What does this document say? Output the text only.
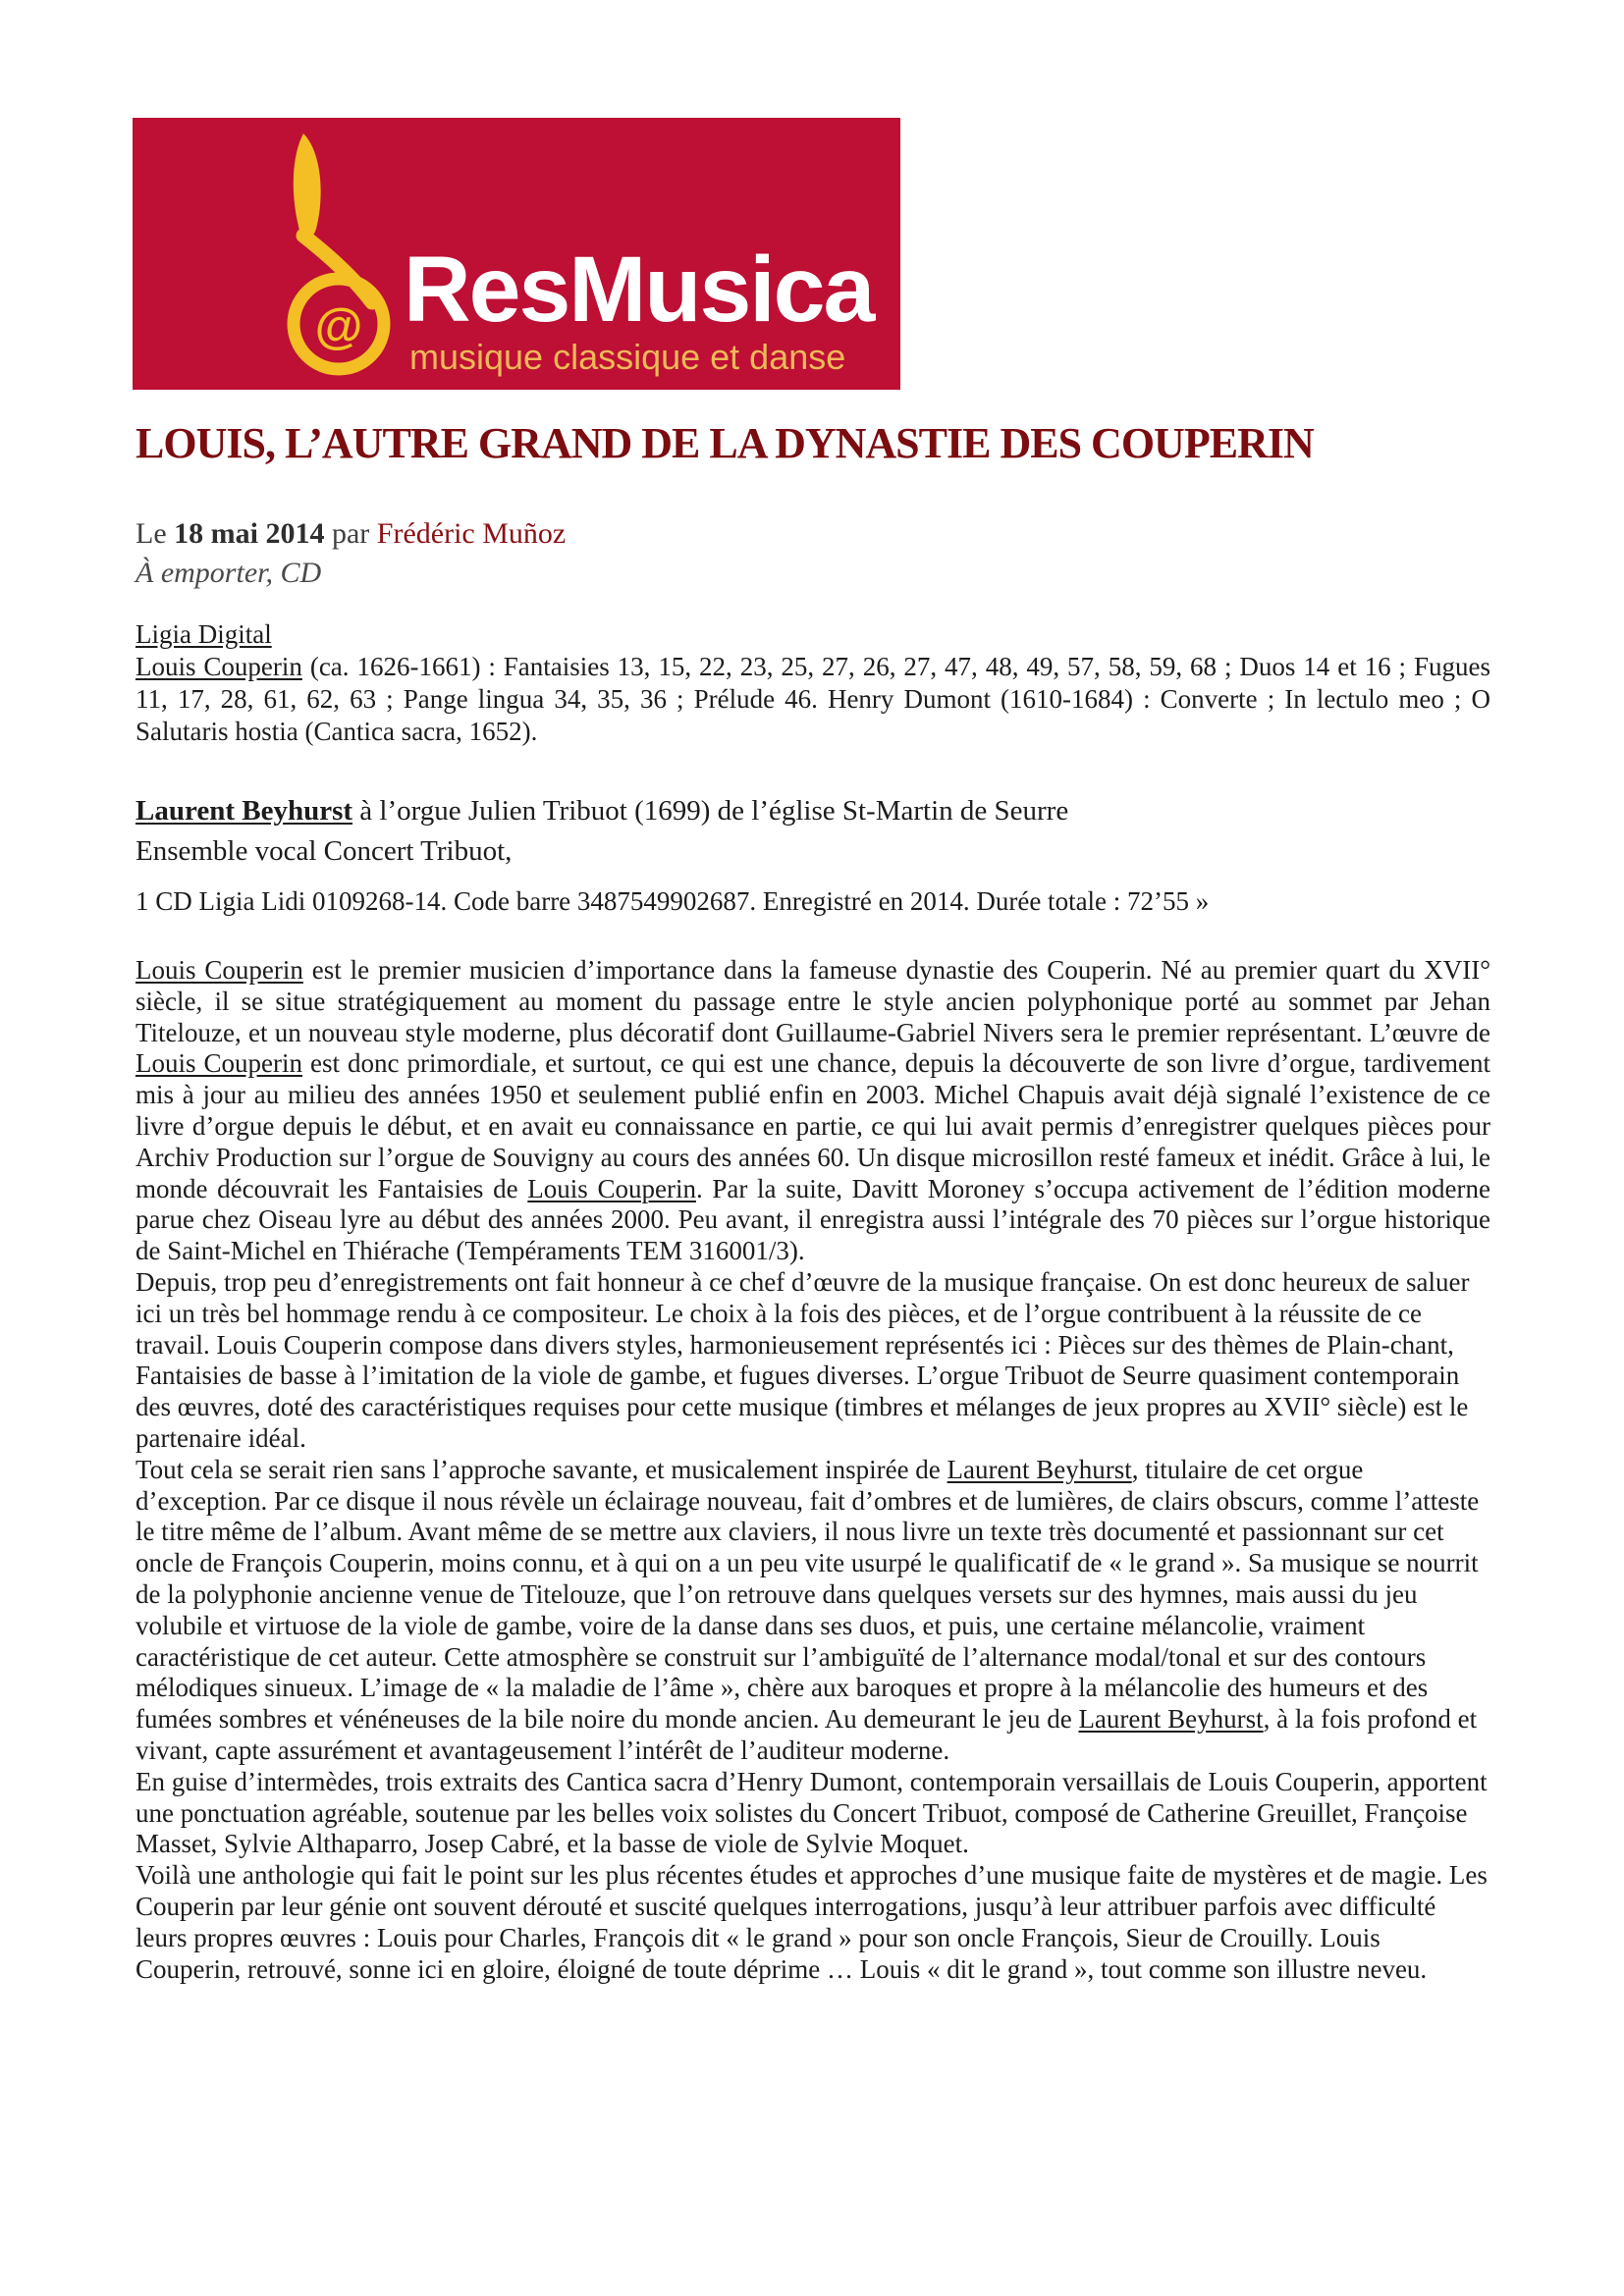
@ ResMusica
musique classique et danse
LOUIS, L’AUTRE GRAND DE LA DYNASTIE DES COUPERIN
Le 18 mai 2014 par Frédéric Muñoz
À emporter, CD
Ligia Digital

Louis Couperin (ca. 1626-1661) : Fantaisies 13, 15, 22, 23, 25, 27, 26, 27, 47, 48, 49, 57, 58, 59, 68 ; Duos 14 et 16 ; Fugues 11, 17, 28, 61, 62, 63 ; Pange lingua 34, 35, 36 ; Prélude 46. Henry Dumont (1610-1684) : Converte ; In lectulo meo ; O Salutaris hostia (Cantica sacra, 1652).

Laurent Beyhurst à l’orgue Julien Tribuot (1699) de l’église St-Martin de Seurre

Ensemble vocal Concert Tribuot,

1 CD Ligia Lidi 0109268-14. Code barre 3487549902687. Enregistré en 2014. Durée totale : 72’55 »

Louis Couperin est le premier musicien d’importance dans la fameuse dynastie des Couperin. Né au premier quart du XVII° siècle, il se situe stratégiquement au moment du passage entre le style ancien polyphonique porté au sommet par Jehan Titelouze, et un nouveau style moderne, plus décoratif dont Guillaume-Gabriel Nivers sera le premier représentant. L’œuvre de Louis Couperin est donc primordiale, et surtout, ce qui est une chance, depuis la découverte de son livre d’orgue, tardivement mis à jour au milieu des années 1950 et seulement publié enfin en 2003. Michel Chapuis avait déjà signalé l’existence de ce livre d’orgue depuis le début, et en avait eu connaissance en partie, ce qui lui avait permis d’enregistrer quelques pièces pour Archiv Production sur l’orgue de Souvigny au cours des années 60. Un disque microsillon resté fameux et inédit. Grâce à lui, le monde découvrait les Fantaisies de Louis Couperin. Par la suite, Davitt Moroney s’occupa activement de l’édition moderne parue chez Oiseau lyre au début des années 2000. Peu avant, il enregistra aussi l’intégrale des 70 pièces sur l’orgue historique de Saint-Michel en Thiérache (Tempéraments TEM 316001/3).

Depuis, trop peu d’enregistrements ont fait honneur à ce chef d’œuvre de la musique française. On est donc heureux de saluer ici un très bel hommage rendu à ce compositeur. Le choix à la fois des pièces, et de l’orgue contribuent à la réussite de ce travail. Louis Couperin compose dans divers styles, harmonieusement représentés ici : Pièces sur des thèmes de Plain-chant, Fantaisies de basse à l’imitation de la viole de gambe, et fugues diverses. L’orgue Tribuot de Seurre quasiment contemporain des œuvres, doté des caractéristiques requises pour cette musique (timbres et mélanges de jeux propres au XVII° siècle) est le partenaire idéal.

Tout cela se serait rien sans l’approche savante, et musicalement inspirée de Laurent Beyhurst, titulaire de cet orgue d’exception. Par ce disque il nous révèle un éclairage nouveau, fait d’ombres et de lumières, de clairs obscurs, comme l’atteste le titre même de l’album. Avant même de se mettre aux claviers, il nous livre un texte très documenté et passionnant sur cet oncle de François Couperin, moins connu, et à qui on a un peu vite usurpé le qualificatif de « le grand ». Sa musique se nourrit de la polyphonie ancienne venue de Titelouze, que l’on retrouve dans quelques versets sur des hymnes, mais aussi du jeu volubile et virtuose de la viole de gambe, voire de la danse dans ses duos, et puis, une certaine mélancolie, vraiment caractéristique de cet auteur. Cette atmosphère se construit sur l’ambiguïté de l’alternance modal/tonal et sur des contours mélodiques sinueux. L’image de « la maladie de l’âme », chère aux baroques et propre à la mélancolie des humeurs et des fumées sombres et vénéneuses de la bile noire du monde ancien. Au demeurant le jeu de Laurent Beyhurst, à la fois profond et vivant, capte assurément et avantageusement l’intérêt de l’auditeur moderne.

En guise d’intermèdes, trois extraits des Cantica sacra d’Henry Dumont, contemporain versaillais de Louis Couperin, apportent une ponctuation agréable, soutenue par les belles voix solistes du Concert Tribuot, composé de Catherine Greuillet, Françoise Masset, Sylvie Althaparro, Josep Cabré, et la basse de viole de Sylvie Moquet.

Voilà une anthologie qui fait le point sur les plus récentes études et approches d’une musique faite de mystères et de magie. Les Couperin par leur génie ont souvent dérouté et suscité quelques interrogations, jusqu’à leur attribuer parfois avec difficulté leurs propres œuvres : Louis pour Charles, François dit « le grand » pour son oncle François, Sieur de Crouilly. Louis Couperin, retrouvé, sonne ici en gloire, éloigné de toute déprime … Louis « dit le grand », tout comme son illustre neveu.
